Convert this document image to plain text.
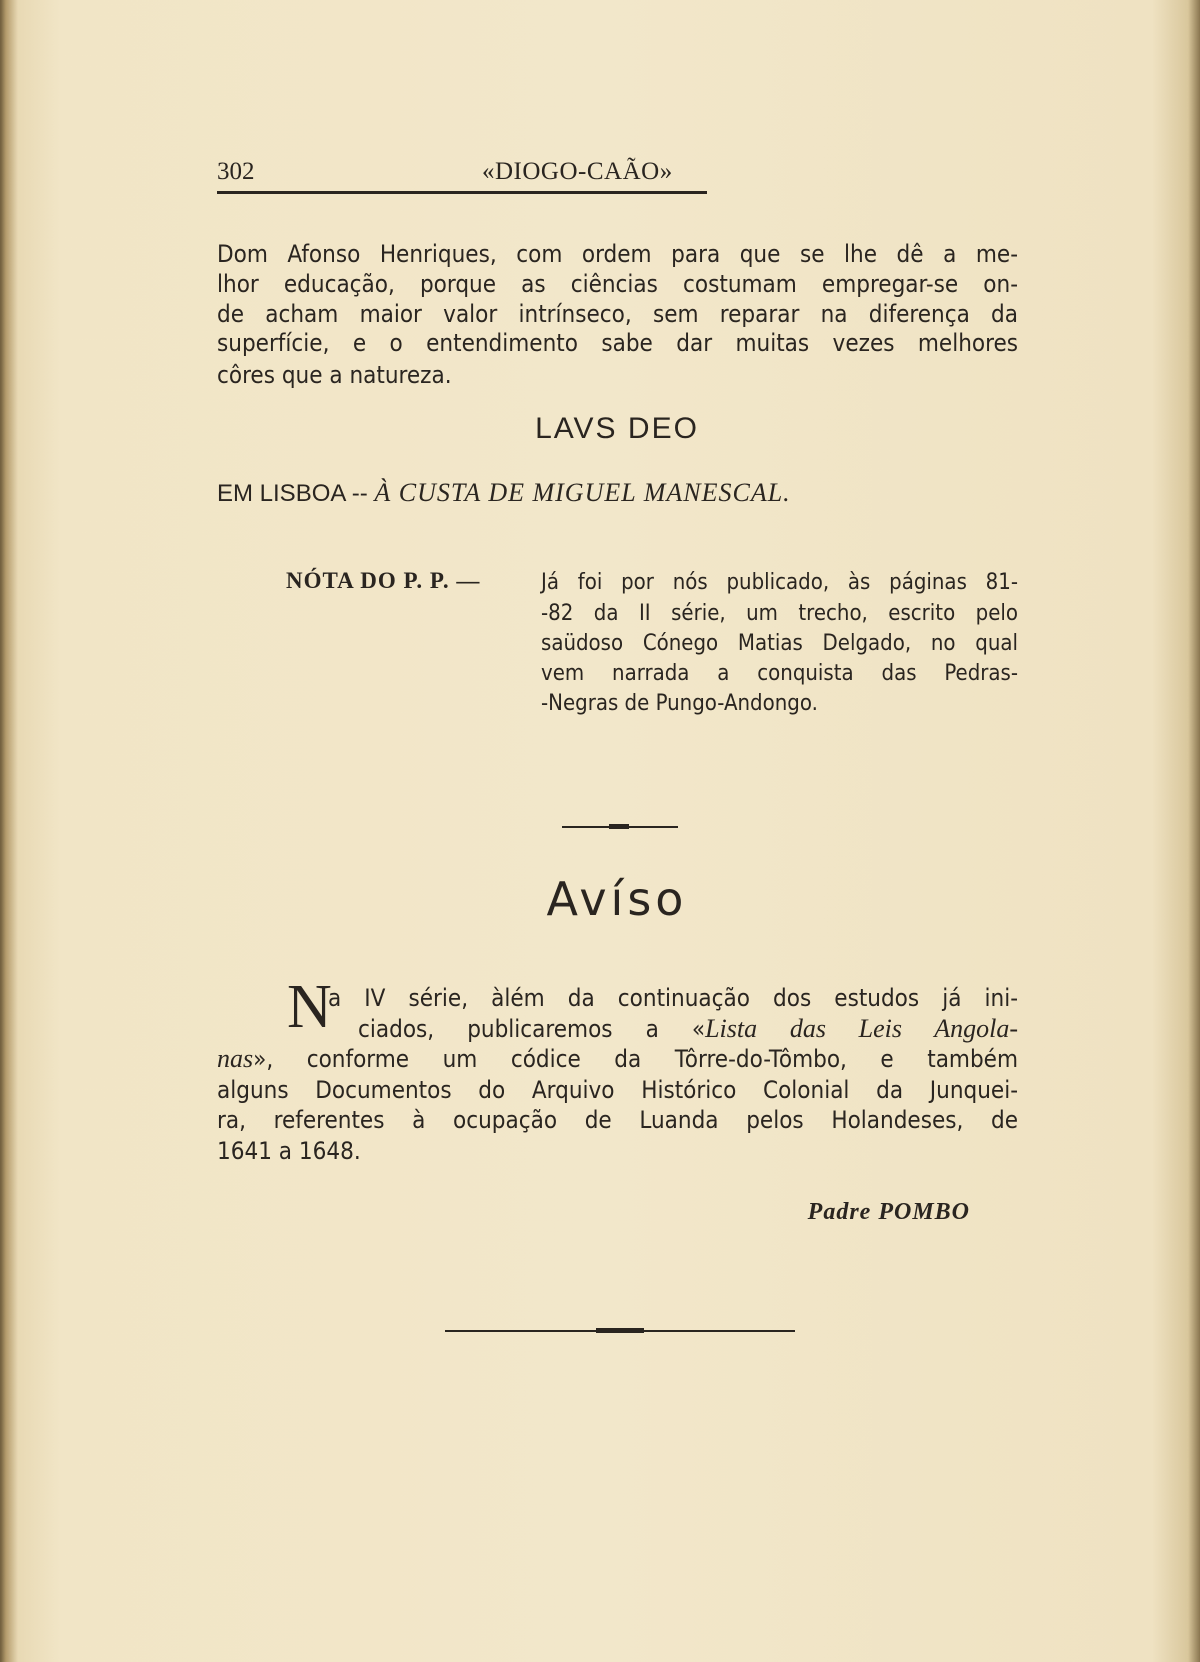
302	«DIOGO-CAÃO»
Dom Afonso Henriques, com ordem para que se lhe dê a me-
lhor educação, porque as ciências costumam empregar-se on-
de acham maior valor intrínseco, sem reparar na diferença da
superfície, e o entendimento sabe dar muitas vezes melhores
côres que a natureza.
LAVS DEO
EM LISBOA -- À CUSTA DE MIGUEL MANESCAL.
NÓTA DO P. P. —	Já foi por nós publicado, às páginas 81-
-82 da II série, um trecho, escrito pelo
saüdoso Cónego Matias Delgado, no qual
vem narrada a conquista das Pedras-
-Negras de Pungo-Andongo.
Avíso
N
a IV série, àlém da continuação dos estudos já ini-
ciados, publicaremos a «Lista das Leis Angola-
nas», conforme um códice da Tôrre-do-Tômbo, e também
alguns Documentos do Arquivo Histórico Colonial da Junquei-
ra, referentes à ocupação de Luanda pelos Holandeses, de
1641 a 1648.
Padre POMBO
